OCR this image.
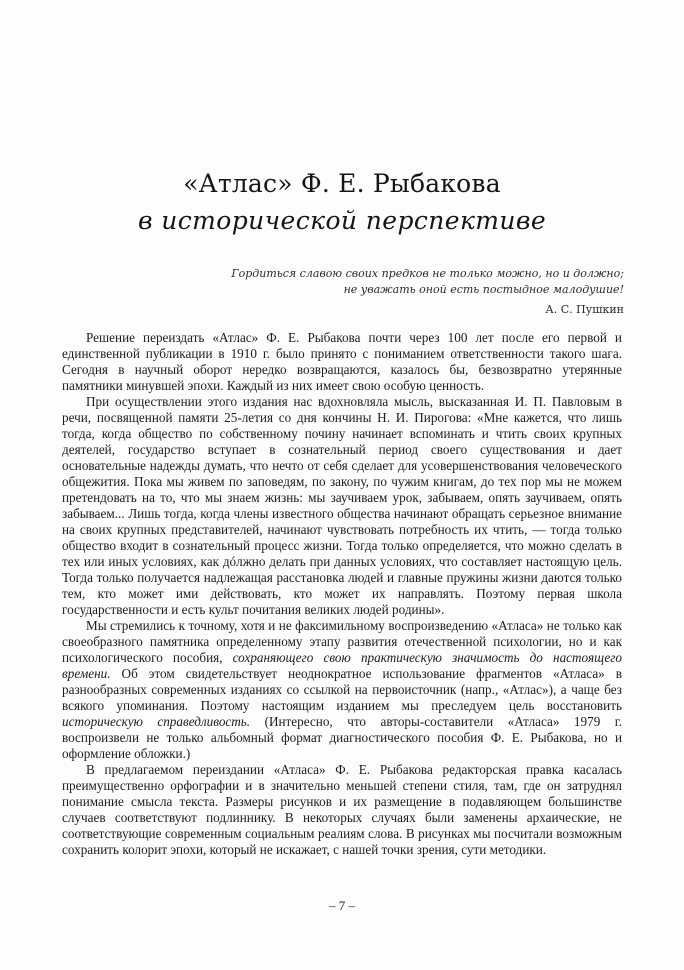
«Атлас» Ф. Е. Рыбакова
в исторической перспективе
Гордиться славою своих предков не только можно, но и должно;
не уважать оной есть постыдное малодушие!
А. С. Пушкин

Решение переиздать «Атлас» Ф. Е. Рыбакова почти через 100 лет после его первой и единственной публикации в 1910 г. было принято с пониманием ответственности такого шага. Сегодня в научный оборот нередко возвращаются, казалось бы, безвозвратно утерянные памятники минувшей эпохи. Каждый из них имеет свою особую ценность.

При осуществлении этого издания нас вдохновляла мысль, высказанная И. П. Павловым в речи, посвященной памяти 25-летия со дня кончины Н. И. Пирогова: «Мне кажется, что лишь тогда, когда общество по собственному почину начинает вспоминать и чтить своих крупных деятелей, государство вступает в сознательный период своего существования и дает основательные надежды думать, что нечто от себя сделает для усовершенствования человеческого общежития. Пока мы живем по заповедям, по закону, по чужим книгам, до тех пор мы не можем претендовать на то, что мы знаем жизнь: мы заучиваем урок, забываем, опять заучиваем, опять забываем... Лишь тогда, когда члены известного общества начинают обращать серьезное внимание на своих крупных представителей, начинают чувствовать потребность их чтить, — тогда только общество входит в сознательный процесс жизни. Тогда только определяется, что можно сделать в тех или иных условиях, как дóлжно делать при данных условиях, что составляет настоящую цель. Тогда только получается надлежащая расстановка людей и главные пружины жизни даются только тем, кто может ими действовать, кто может их направлять. Поэтому первая школа государственности и есть культ почитания великих людей родины».

Мы стремились к точному, хотя и не факсимильному воспроизведению «Атласа» не только как своеобразного памятника определенному этапу развития отечественной психологии, но и как психологического пособия, сохраняющего свою практическую значимость до настоящего времени. Об этом свидетельствует неоднократное использование фрагментов «Атласа» в разнообразных современных изданиях со ссылкой на первоисточник (напр., «Атлас»), а чаще без всякого упоминания. Поэтому настоящим изданием мы преследуем цель восстановить историческую справедливость. (Интересно, что авторы-составители «Атласа» 1979 г. воспроизвели не только альбомный формат диагностического пособия Ф. Е. Рыбакова, но и оформление обложки.)

В предлагаемом переиздании «Атласа» Ф. Е. Рыбакова редакторская правка касалась преимущественно орфографии и в значительно меньшей степени стиля, там, где он затруднял понимание смысла текста. Размеры рисунков и их размещение в подавляющем большинстве случаев соответствуют подлиннику. В некоторых случаях были заменены архаические, не соответствующие современным социальным реалиям слова. В рисунках мы посчитали возможным сохранить колорит эпохи, который не искажает, с нашей точки зрения, сути методики.

– 7 –
